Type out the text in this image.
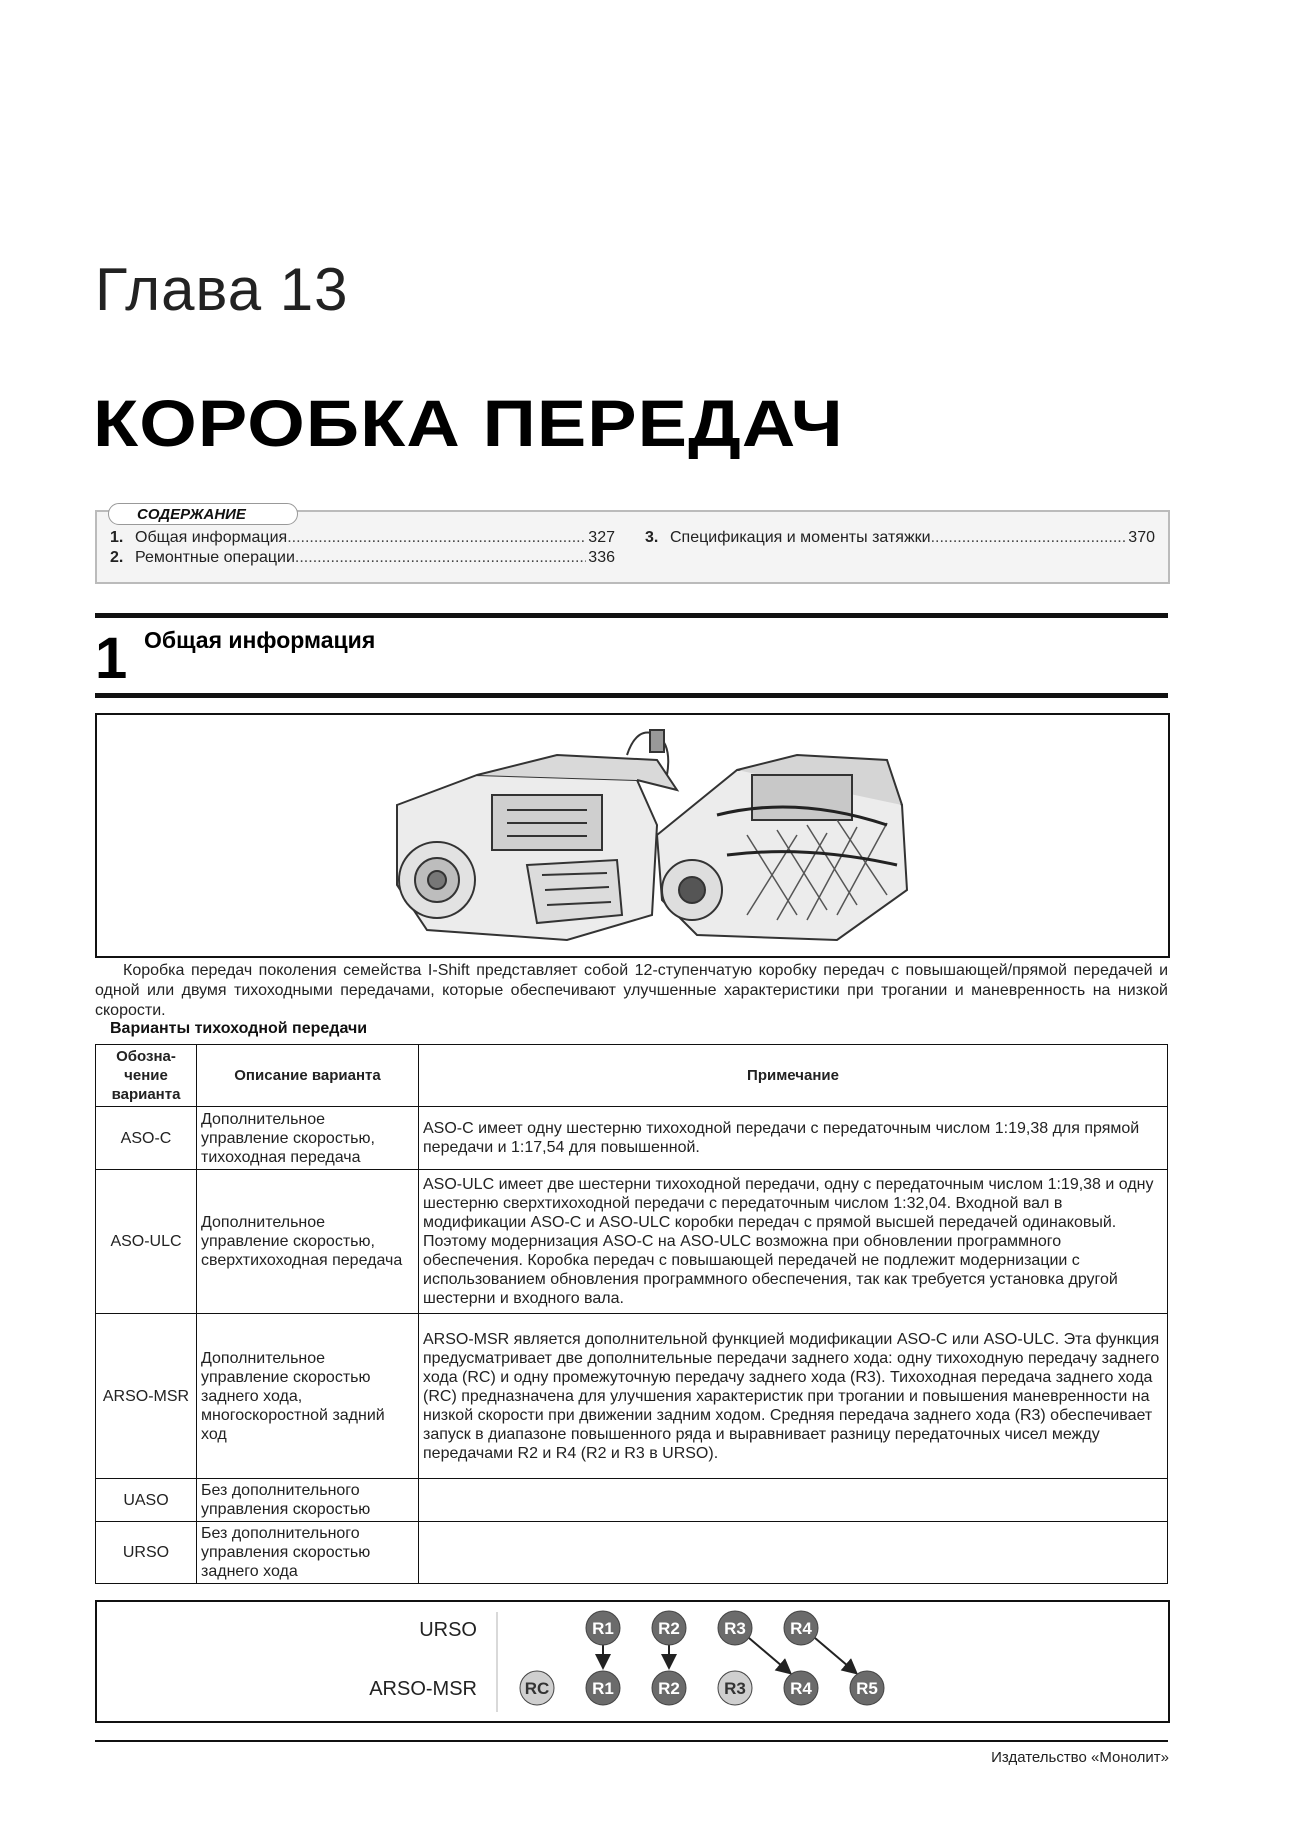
Глава 13
КОРОБКА ПЕРЕДАЧ
СОДЕРЖАНИЕ
1. Общая информация .....	327
2. Ремонтные операции .....	336
3. Спецификация и моменты затяжки .....	370
1 Общая информация
Коробка передач поколения семейства I-Shift представляет собой 12-ступенчатую коробку передач с повышающей/прямой передачей и одной или двумя тихоходными передачами, которые обеспечивают улучшенные характеристики при трогании и маневренность на низкой скорости.
Варианты тихоходной передачи
Обозна-чение варианта	Описание варианта	Примечание
ASO-C	Дополнительное управление скоростью, тихоходная передача	ASO-C имеет одну шестерню тихоходной передачи с передаточным числом 1:19,38 для прямой передачи и 1:17,54 для повышенной.
ASO-ULC	Дополнительное управление скоростью, сверхтихоходная передача	ASO-ULC имеет две шестерни тихоходной передачи, одну с передаточным числом 1:19,38 и одну шестерню сверхтихоходной передачи с передаточным числом 1:32,04. Входной вал в модификации ASO-C и ASO-ULC коробки передач с прямой высшей передачей одинаковый. Поэтому модернизация ASO-C на ASO-ULC возможна при обновлении программного обеспечения. Коробка передач с повышающей передачей не подлежит модернизации с использованием обновления программного обеспечения, так как требуется установка другой шестерни и входного вала.
ARSO-MSR	Дополнительное управление скоростью заднего хода, многоскоростной задний ход	ARSO-MSR является дополнительной функцией модификации ASO-C или ASO-ULC. Эта функция предусматривает две дополнительные передачи заднего хода: одну тихоходную передачу заднего хода (RC) и одну промежуточную передачу заднего хода (R3). Тихоходная передача заднего хода (RC) предназначена для улучшения характеристик при трогании и повышения маневренности на низкой скорости при движении задним ходом. Средняя передача заднего хода (R3) обеспечивает запуск в диапазоне повышенного ряда и выравнивает разницу передаточных чисел между передачами R2 и R4 (R2 и R3 в URSO).
UASO	Без дополнительного управления скоростью	
URSO	Без дополнительного управления скоростью заднего хода	
URSO
ARSO-MSR
R1	R2	R3	R4
RC	R1	R2	R3	R4	R5
Издательство «Монолит»
